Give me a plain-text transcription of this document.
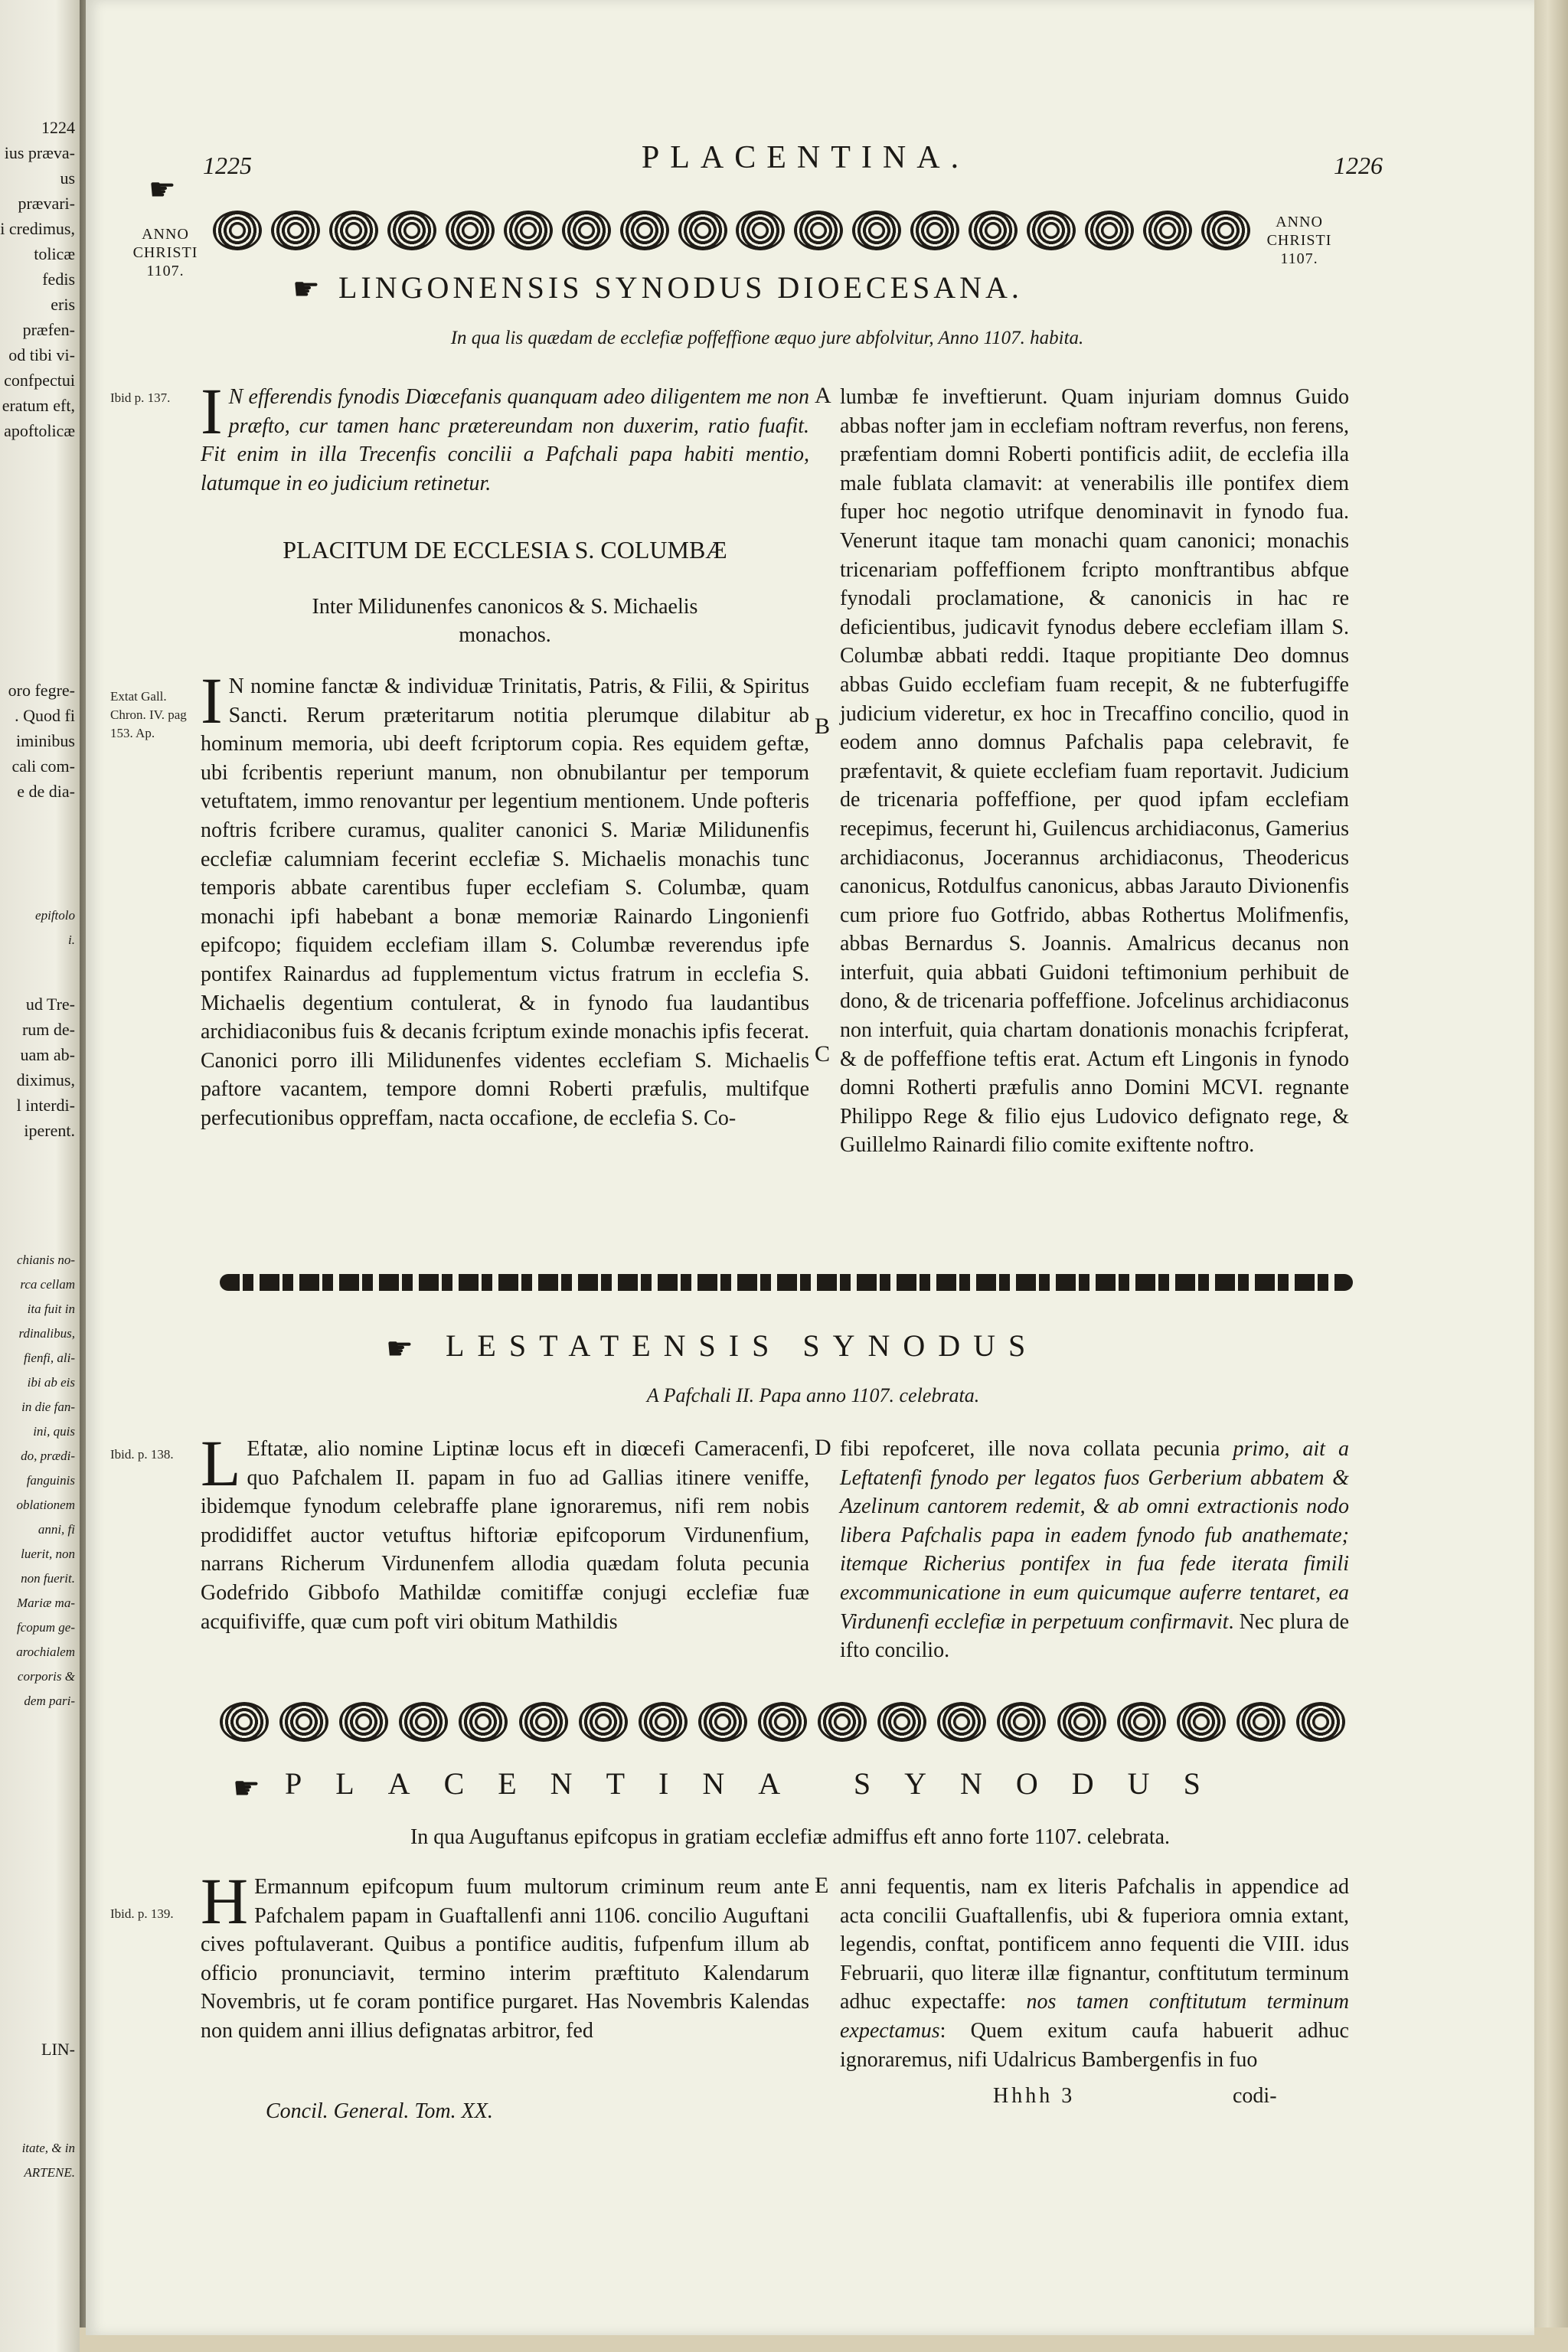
1224
ius præva-
us prævari-
i credimus,
tolicæ fedis
eris præfen-
od tibi vi-
confpectui
eratum eft,
apoftolicæ
oro fegre-
. Quod fi
iminibus
cali com-
e de dia-
epiftolo
i.
ud Tre-
rum de-
uam ab-
diximus,
l interdi-
iperent.
chianis no-
rca cellam
ita fuit in
rdinalibus,
fienfi, ali-
ibi ab eis
in die fan-
ini, quis
do, prædi-
fanguinis
oblationem
anni, fi
luerit, non
non fuerit.
Mariæ ma-
fcopum ge-
arochialem
corporis &
dem pari-
LIN-
itate, & in
ARTENE.
1225	PLACENTINA.	1226
☛
ANNO
CHRISTI
1107.
ANNO
CHRISTI
1107.
☛ LINGONENSIS SYNODUS DIOECESANA.
In qua lis quædam de ecclefiæ poffeffione æquo jure abfolvitur, Anno 1107. habita.
Ibid p. 137. I N efferendis fynodis Diœcefanis quanquam adeo diligentem me non præfto, cur tamen hanc prætereundam non duxerim, ratio fuafit. Fit enim in illa Trecenfis concilii a Pafchali papa habiti mentio, latumque in eo judicium retinetur.
PLACITUM DE ECCLESIA S. COLUMBÆ
Inter Milidunenfes canonicos & S. Michaelis monachos.
Extat Gall. Chron. IV. pag 153. Ap. I N nomine fanctæ & individuæ Trinitatis, Patris, & Filii, & Spiritus Sancti. Rerum præteritarum notitia plerumque dilabitur ab hominum memoria, ubi deeft fcriptorum copia. Res equidem geftæ, ubi fcribentis reperiunt manum, non obnubilantur per temporum vetuftatem, immo renovantur per legentium mentionem. Unde pofteris noftris fcribere curamus, qualiter canonici S. Mariæ Milidunenfis ecclefiæ calumniam fecerint ecclefiæ S. Michaelis monachis tunc temporis abbate carentibus fuper ecclefiam S. Columbæ, quam monachi ipfi habebant a bonæ memoriæ Rainardo Lingonienfi epifcopo; fiquidem ecclefiam illam S. Columbæ reverendus ipfe pontifex Rainardus ad fupplementum victus fratrum in ecclefia S. Michaelis degentium contulerat, & in fynodo fua laudantibus archidiaconibus fuis & decanis fcriptum exinde monachis ipfis fecerat. Canonici porro illi Milidunenfes videntes ecclefiam S. Michaelis paftore vacantem, tempore domni Roberti præfulis, multifque perfecutionibus oppreffam, nacta occafione, de ecclefia S. Co-
A
B
C
lumbæ fe inveftierunt. Quam injuriam domnus Guido abbas nofter jam in ecclefiam noftram reverfus, non ferens, præfentiam domni Roberti pontificis adiit, de ecclefia illa male fublata clamavit: at venerabilis ille pontifex diem fuper hoc negotio utrifque denominavit in fynodo fua. Venerunt itaque tam monachi quam canonici; monachis tricenariam poffeffionem fcripto monftrantibus abfque fynodali proclamatione, & canonicis in hac re deficientibus, judicavit fynodus debere ecclefiam illam S. Columbæ abbati reddi. Itaque propitiante Deo domnus abbas Guido ecclefiam fuam recepit, & ne fubterfugiffe judicium videretur, ex hoc in Trecaffino concilio, quod in eodem anno domnus Pafchalis papa celebravit, fe præfentavit, & quiete ecclefiam fuam reportavit. Judicium de tricenaria poffeffione, per quod ipfam ecclefiam recepimus, fecerunt hi, Guilencus archidiaconus, Gamerius archidiaconus, Jocerannus archidiaconus, Theodericus canonicus, Rotdulfus canonicus, abbas Jarauto Divionenfis cum priore fuo Gotfrido, abbas Rothertus Molifmenfis, abbas Bernardus S. Joannis. Amalricus decanus non interfuit, quia abbati Guidoni teftimonium perhibuit de dono, & de tricenaria poffeffione. Jofcelinus archidiaconus non interfuit, quia chartam donationis monachis fcripferat, & de poffeffione teftis erat. Actum eft Lingonis in fynodo domni Rotherti præfulis anno Domini MCVI. regnante Philippo Rege & filio ejus Ludovico defignato rege, & Guillelmo Rainardi filio comite exiftente noftro.
☛ LESTATENSIS SYNODUS
A Pafchali II. Papa anno 1107. celebrata.
Ibid. p. 138. L Eftatæ, alio nomine Liptinæ locus eft in diœcefi Cameracenfi, quo Pafchalem II. papam in fuo ad Gallias itinere veniffe, ibidemque fynodum celebraffe plane ignoraremus, nifi rem nobis prodidiffet auctor vetuftus hiftoriæ epifcoporum Virdunenfium, narrans Richerum Virdunenfem allodia quædam foluta pecunia Godefrido Gibbofo Mathildæ comitiffæ conjugi ecclefiæ fuæ acquifiviffe, quæ cum poft viri obitum Mathildis
D fibi repofceret, ille nova collata pecunia primo, ait a Leftatenfi fynodo per legatos fuos Gerberium abbatem & Azelinum cantorem redemit, & ab omni extractionis nodo libera Pafchalis papa in eadem fynodo fub anathemate; itemque Richerius pontifex in fua fede iterata fimili excommunicatione in eum quicumque auferre tentaret, ea Virdunenfi ecclefiæ in perpetuum confirmavit. Nec plura de ifto concilio.
☛ PLACENTINA SYNODUS
In qua Auguftanus epifcopus in gratiam ecclefiæ admiffus eft anno forte 1107. celebrata.
Ibid. p. 139. H Ermannum epifcopum fuum multorum criminum reum ante Pafchalem papam in Guaftallenfi anni 1106. concilio Auguftani cives poftulaverant. Quibus a pontifice auditis, fufpenfum illum ab officio pronunciavit, termino interim præftituto Kalendarum Novembris, ut fe coram pontifice purgaret. Has Novembris Kalendas non quidem anni illius defignatas arbitror, fed
E anni fequentis, nam ex literis Pafchalis in appendice ad acta concilii Guaftallenfis, ubi & fuperiora omnia extant, legendis, conftat, pontificem anno fequenti die VIII. idus Februarii, quo literæ illæ fignantur, conftitutum terminum adhuc expectaffe: nos tamen conftitutum terminum expectamus: Quem exitum caufa habuerit adhuc ignoraremus, nifi Udalricus Bambergenfis in fuo
Concil. General. Tom. XX.
Hhhh 3	codi-
